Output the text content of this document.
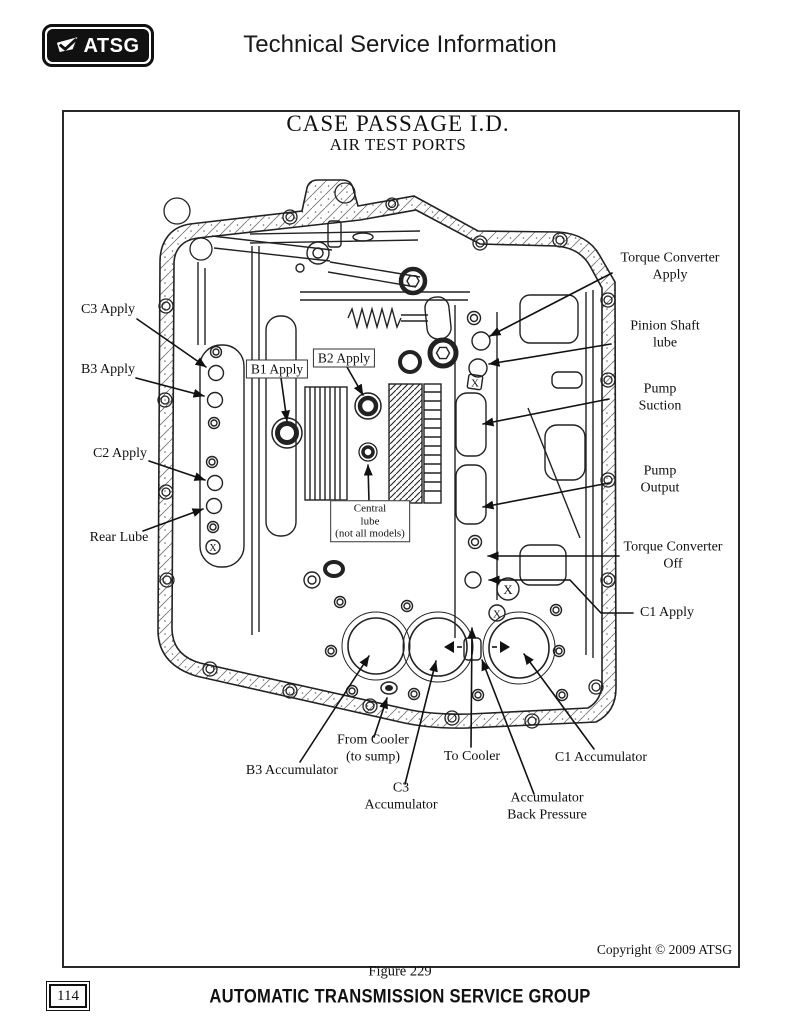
ATSG	Technical Service Information
CASE PASSAGE I.D.
AIR TEST PORTS
X
X
X
X
C3 Apply
B3 Apply
C2 Apply
Rear Lube
B1 Apply
B2 Apply
Central
lube
(not all models)
Torque Converter
Apply
Pinion Shaft
lube
Pump
Suction
Pump
Output
Torque Converter
Off
C1 Apply
B3 Accumulator
From Cooler
(to sump)
C3
Accumulator
To Cooler	C1 Accumulator
Accumulator
Back Pressure
Copyright © 2009 ATSG
Figure 229
114	AUTOMATIC TRANSMISSION SERVICE GROUP
